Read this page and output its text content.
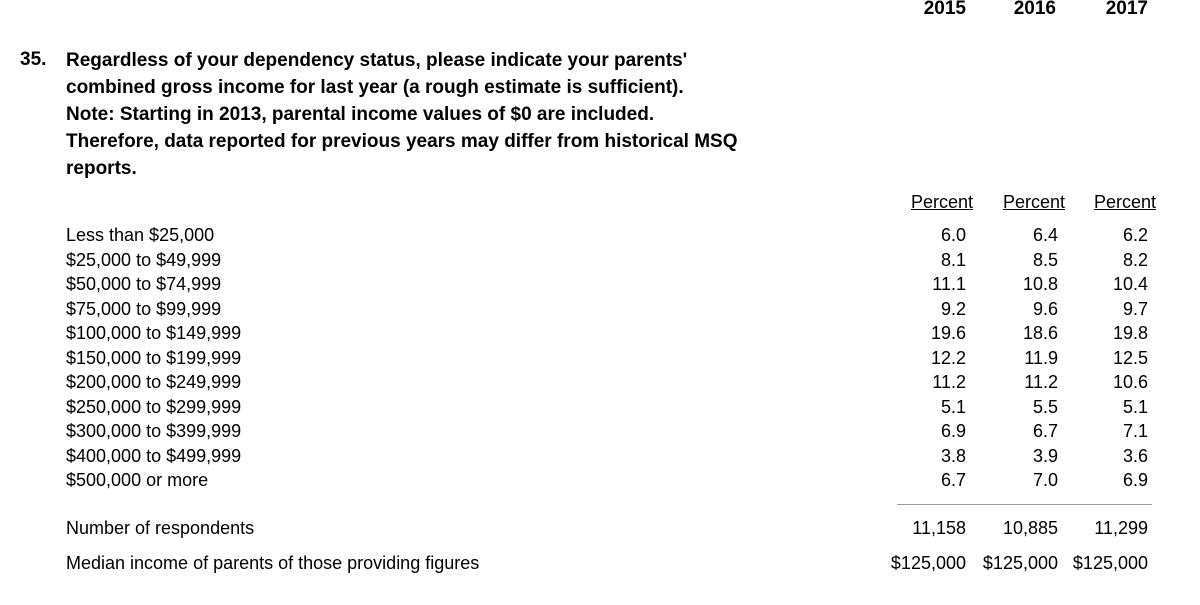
2015	2016	2017
35. Regardless of your dependency status, please indicate your parents'
combined gross income for last year (a rough estimate is sufficient).
Note: Starting in 2013, parental income values of $0 are included.
Therefore, data reported for previous years may differ from historical MSQ
reports.
Percent	Percent	Percent
Less than $25,000	6.0	6.4	6.2
$25,000 to $49,999	8.1	8.5	8.2
$50,000 to $74,999	11.1	10.8	10.4
$75,000 to $99,999	9.2	9.6	9.7
$100,000 to $149,999	19.6	18.6	19.8
$150,000 to $199,999	12.2	11.9	12.5
$200,000 to $249,999	11.2	11.2	10.6
$250,000 to $299,999	5.1	5.5	5.1
$300,000 to $399,999	6.9	6.7	7.1
$400,000 to $499,999	3.8	3.9	3.6
$500,000 or more	6.7	7.0	6.9
Number of respondents	11,158	10,885	11,299
Median income of parents of those providing figures	$125,000 $125,000 $125,000
